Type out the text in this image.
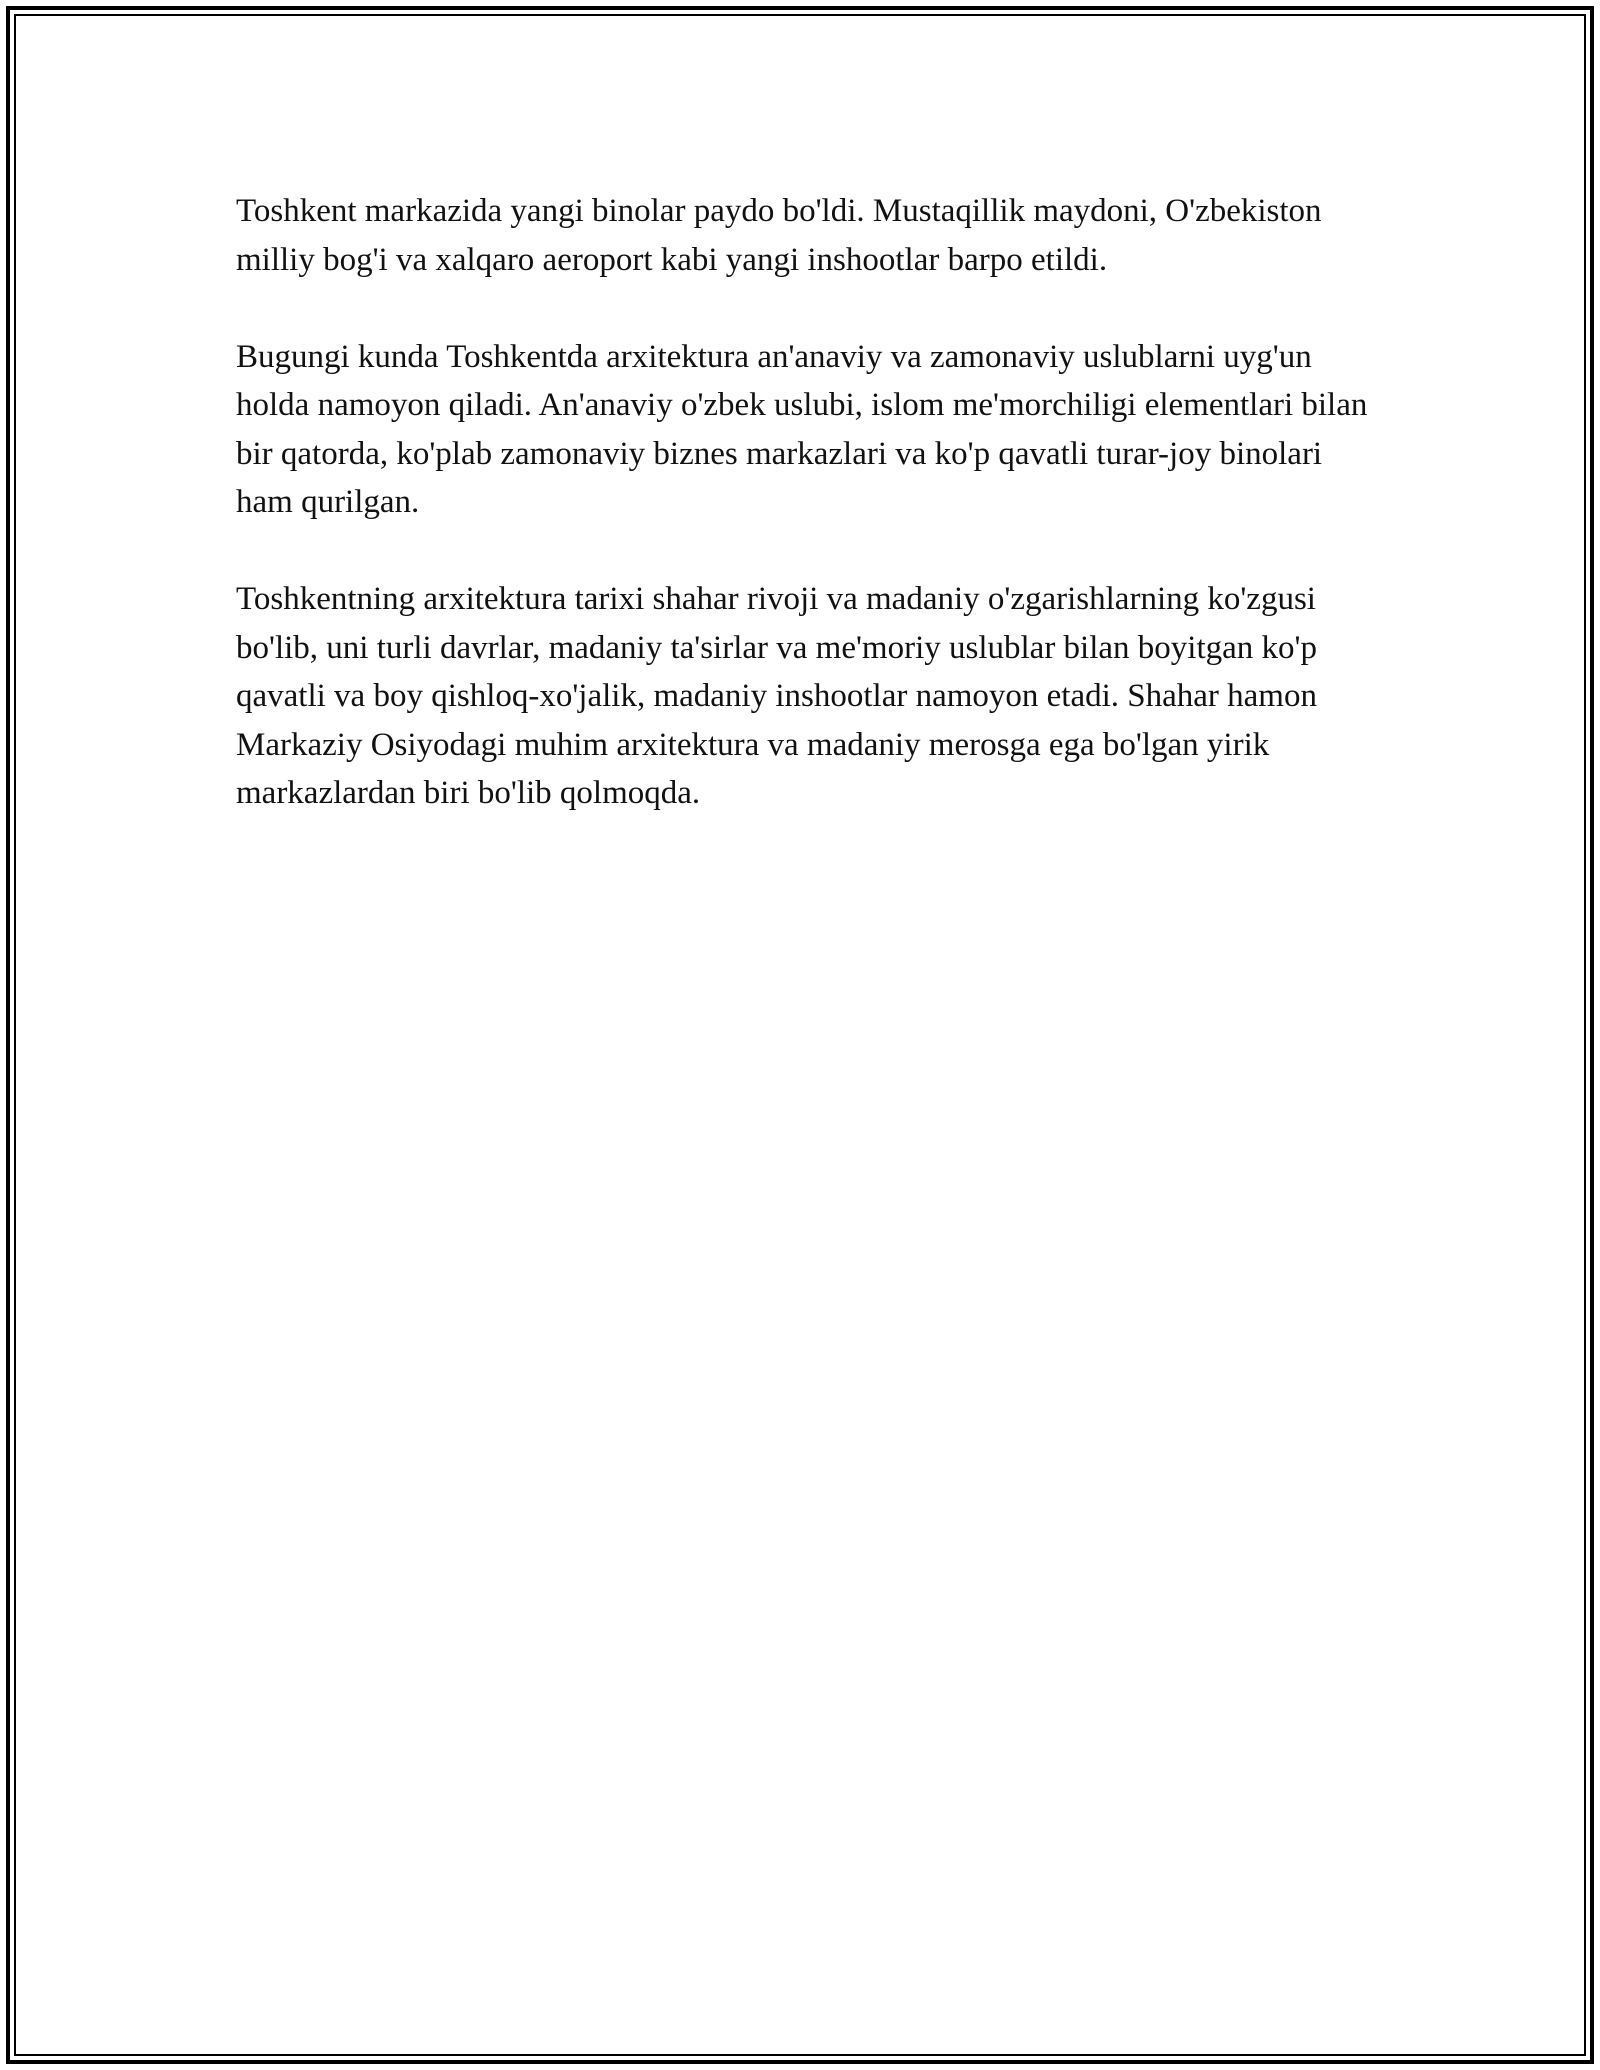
Toshkent markazida yangi binolar paydo bo'ldi. Mustaqillik maydoni, O'zbekiston milliy bog'i va xalqaro aeroport kabi yangi inshootlar barpo etildi.

Bugungi kunda Toshkentda arxitektura an'anaviy va zamonaviy uslublarni uyg'un holda namoyon qiladi. An'anaviy o'zbek uslubi, islom me'morchiligi elementlari bilan bir qatorda, ko'plab zamonaviy biznes markazlari va ko'p qavatli turar-joy binolari ham qurilgan.

Toshkentning arxitektura tarixi shahar rivoji va madaniy o'zgarishlarning ko'zgusi bo'lib, uni turli davrlar, madaniy ta'sirlar va me'moriy uslublar bilan boyitgan ko'p qavatli va boy qishloq-xo'jalik, madaniy inshootlar namoyon etadi. Shahar hamon Markaziy Osiyodagi muhim arxitektura va madaniy merosga ega bo'lgan yirik markazlardan biri bo'lib qolmoqda.
